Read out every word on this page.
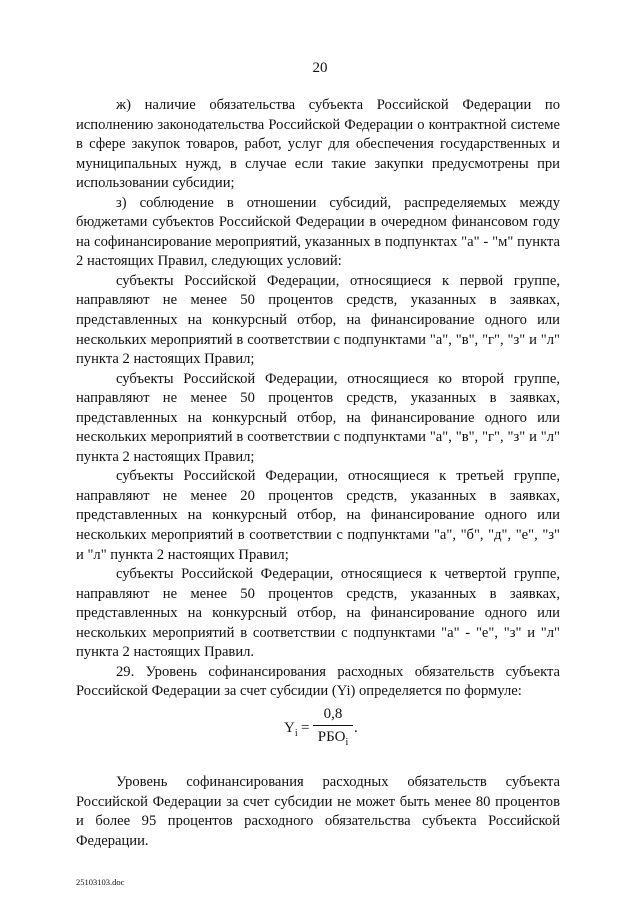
20

ж) наличие обязательства субъекта Российской Федерации по исполнению законодательства Российской Федерации о контрактной системе в сфере закупок товаров, работ, услуг для обеспечения государственных и муниципальных нужд, в случае если такие закупки предусмотрены при использовании субсидии;

з) соблюдение в отношении субсидий, распределяемых между бюджетами субъектов Российской Федерации в очередном финансовом году на софинансирование мероприятий, указанных в подпунктах "а" - "м" пункта 2 настоящих Правил, следующих условий:

субъекты Российской Федерации, относящиеся к первой группе, направляют не менее 50 процентов средств, указанных в заявках, представленных на конкурсный отбор, на финансирование одного или нескольких мероприятий в соответствии с подпунктами "а", "в", "г", "з" и "л" пункта 2 настоящих Правил;

субъекты Российской Федерации, относящиеся ко второй группе, направляют не менее 50 процентов средств, указанных в заявках, представленных на конкурсный отбор, на финансирование одного или нескольких мероприятий в соответствии с подпунктами "а", "в", "г", "з" и "л" пункта 2 настоящих Правил;

субъекты Российской Федерации, относящиеся к третьей группе, направляют не менее 20 процентов средств, указанных в заявках, представленных на конкурсный отбор, на финансирование одного или нескольких мероприятий в соответствии с подпунктами "а", "б", "д", "е", "з" и "л" пункта 2 настоящих Правил;

субъекты Российской Федерации, относящиеся к четвертой группе, направляют не менее 50 процентов средств, указанных в заявках, представленных на конкурсный отбор, на финансирование одного или нескольких мероприятий в соответствии с подпунктами "а" - "е", "з" и "л" пункта 2 настоящих Правил.

29. Уровень софинансирования расходных обязательств субъекта Российской Федерации за счет субсидии (Yi) определяется по формуле:

$Y_i$ =
0,8
$РБО_i$
.

Уровень софинансирования расходных обязательств субъекта Российской Федерации за счет субсидии не может быть менее 80 процентов и более 95 процентов расходного обязательства субъекта Российской Федерации.

25103103.doc
